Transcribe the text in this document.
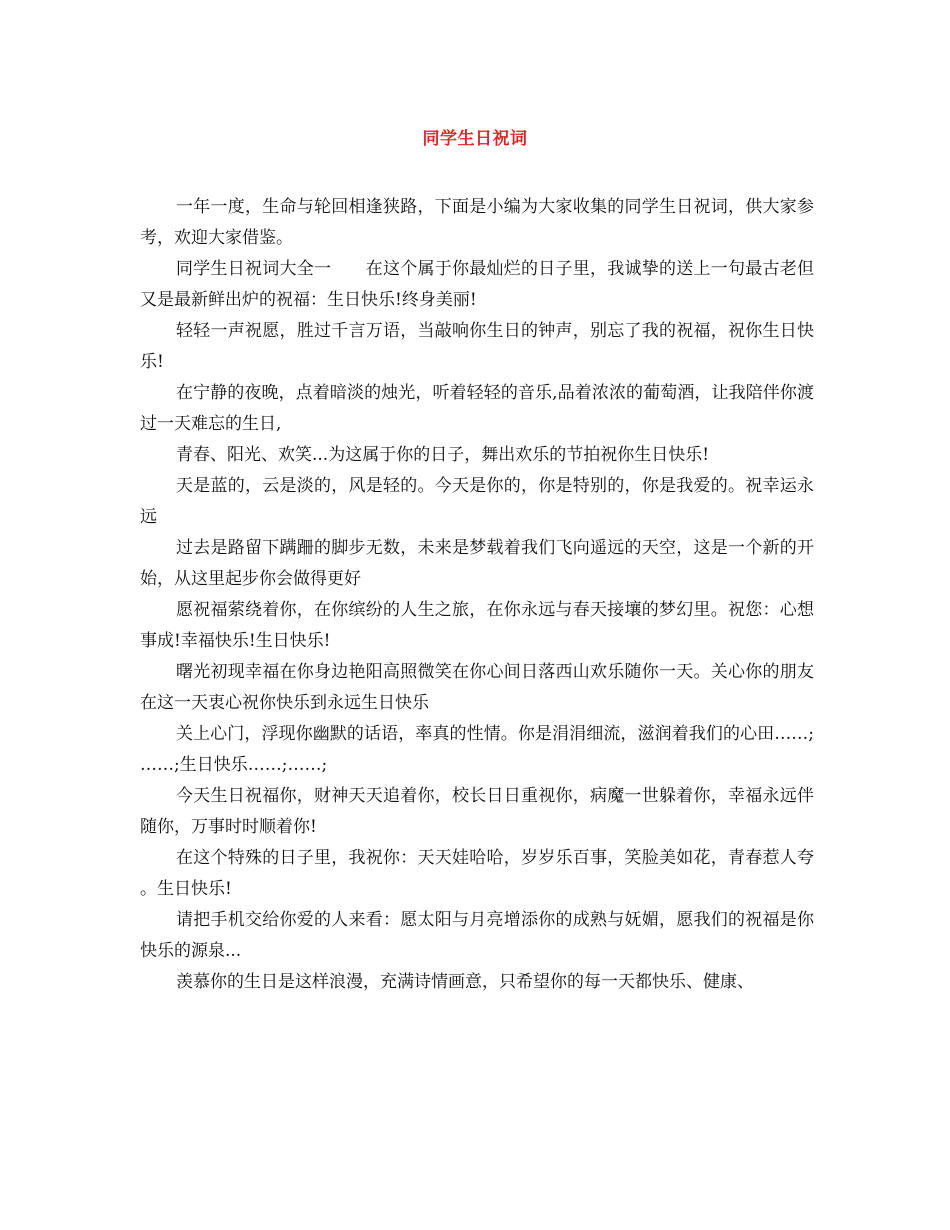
同学生日祝词

一年一度，生命与轮回相逢狭路，下面是小编为大家收集的同学生日祝词，供大家参考，欢迎大家借鉴。

同学生日祝词大全一　　在这个属于你最灿烂的日子里，我诚挚的送上一句最古老但又是最新鲜出炉的祝福：生日快乐!终身美丽!

轻轻一声祝愿，胜过千言万语，当敲响你生日的钟声，别忘了我的祝福，祝你生日快乐!

在宁静的夜晚，点着暗淡的烛光，听着轻轻的音乐,品着浓浓的葡萄酒，让我陪伴你渡过一天难忘的生日,

青春、阳光、欢笑...为这属于你的日子，舞出欢乐的节拍祝你生日快乐!

天是蓝的，云是淡的，风是轻的。今天是你的，你是特别的，你是我爱的。祝幸运永远

过去是路留下蹒跚的脚步无数，未来是梦载着我们飞向遥远的天空，这是一个新的开始，从这里起步你会做得更好

愿祝福萦绕着你，在你缤纷的人生之旅，在你永远与春天接壤的梦幻里。祝您：心想事成!幸福快乐!生日快乐!

曙光初现幸福在你身边艳阳高照微笑在你心间日落西山欢乐随你一天。关心你的朋友在这一天衷心祝你快乐到永远生日快乐

关上心门，浮现你幽默的话语，率真的性情。你是涓涓细流，滋润着我们的心田……;……;生日快乐……;……;

今天生日祝福你，财神天天追着你，校长日日重视你，病魔一世躲着你，幸福永远伴随你，万事时时顺着你!

在这个特殊的日子里，我祝你：天天娃哈哈，岁岁乐百事，笑脸美如花，青春惹人夸。生日快乐!

请把手机交给你爱的人来看：愿太阳与月亮增添你的成熟与妩媚，愿我们的祝福是你快乐的源泉...

羡慕你的生日是这样浪漫，充满诗情画意，只希望你的每一天都快乐、健康、
